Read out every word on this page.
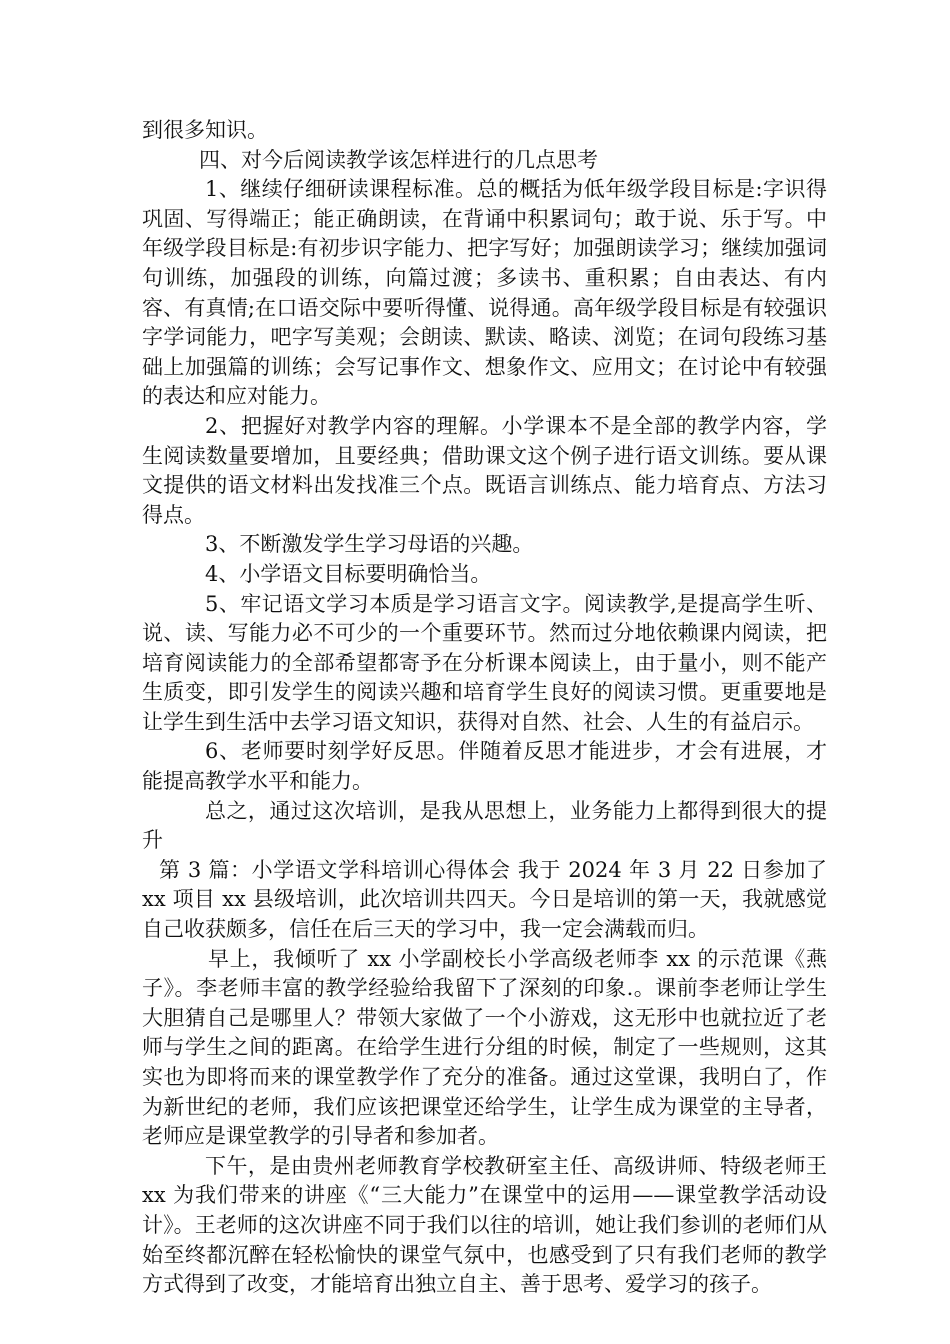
到很多知识。

四、对今后阅读教学该怎样进行的几点思考

1、继续仔细研读课程标准。总的概括为低年级学段目标是:字识得巩固、写得端正；能正确朗读，在背诵中积累词句；敢于说、乐于写。中年级学段目标是:有初步识字能力、把字写好；加强朗读学习；继续加强词句训练，加强段的训练，向篇过渡；多读书、重积累；自由表达、有内容、有真情;在口语交际中要听得懂、说得通。高年级学段目标是有较强识字学词能力，吧字写美观；会朗读、默读、略读、浏览；在词句段练习基础上加强篇的训练；会写记事作文、想象作文、应用文；在讨论中有较强 的表达和应对能力。

2、把握好对教学内容的理解。小学课本不是全部的教学内容，学生阅读数量要增加，且要经典；借助课文这个例子进行语文训练。要从课文提供的语文材料出发找准三个点。既语言训练点、能力培育点、方法习得点。

3、不断激发学生学习母语的兴趣。

4、小学语文目标要明确恰当。

5、牢记语文学习本质是学习语言文字。阅读教学,是提高学生听、说、读、写能力必不可少的一个重要环节。然而过分地依赖课内阅读，把培育阅读能力的全部希望都寄予在分析课本阅读上，由于量小，则不能产生质变，即引发学生的阅读兴趣和培育学生良好的阅读习惯。更重要地是让学生到生活中去学习语文知识，获得对自然、社会、人生的有益启示。

6、老师要时刻学好反思。伴随着反思才能进步，才会有进展，才能提高教学水平和能力。

总之，通过这次培训，是我从思想上，业务能力上都得到很大的提升

第 3 篇：小学语文学科培训心得体会 我于 2024 年 3 月 22 日参加了 xx 项目 xx 县级培训，此次培训共四天。今日是培训的第一天，我就感觉自己收获颇多，信任在后三天的学习中，我一定会满载而归。

早上，我倾听了 xx 小学副校长小学高级老师李 xx 的示范课《燕子》。李老师丰富的教学经验给我留下了深刻的印象.。课前李老师让学生大胆猜自己是哪里人？带领大家做了一个小游戏，这无形中也就拉近了老师与学生之间的距离。在给学生进行分组的时候，制定了一些规则，这其实也为即将而来的课堂教学作了充分的准备。通过这堂课，我明白了，作为新世纪的老师，我们应该把课堂还给学生，让学生成为课堂的主导者，老师应是课堂教学的引导者和参加者。

下午，是由贵州老师教育学校教研室主任、高级讲师、特级老师王 xx 为我们带来的讲座《“三大能力”在课堂中的运用——课堂教学活动设计》。王老师的这次讲座不同于我们以往的培训，她让我们参训的老师们从始至终都沉醉在轻松愉快的课堂气氛中，也感受到了只有我们老师的教学方式得到了改变，才能培育出独立自主、善于思考、爱学习的孩子。
